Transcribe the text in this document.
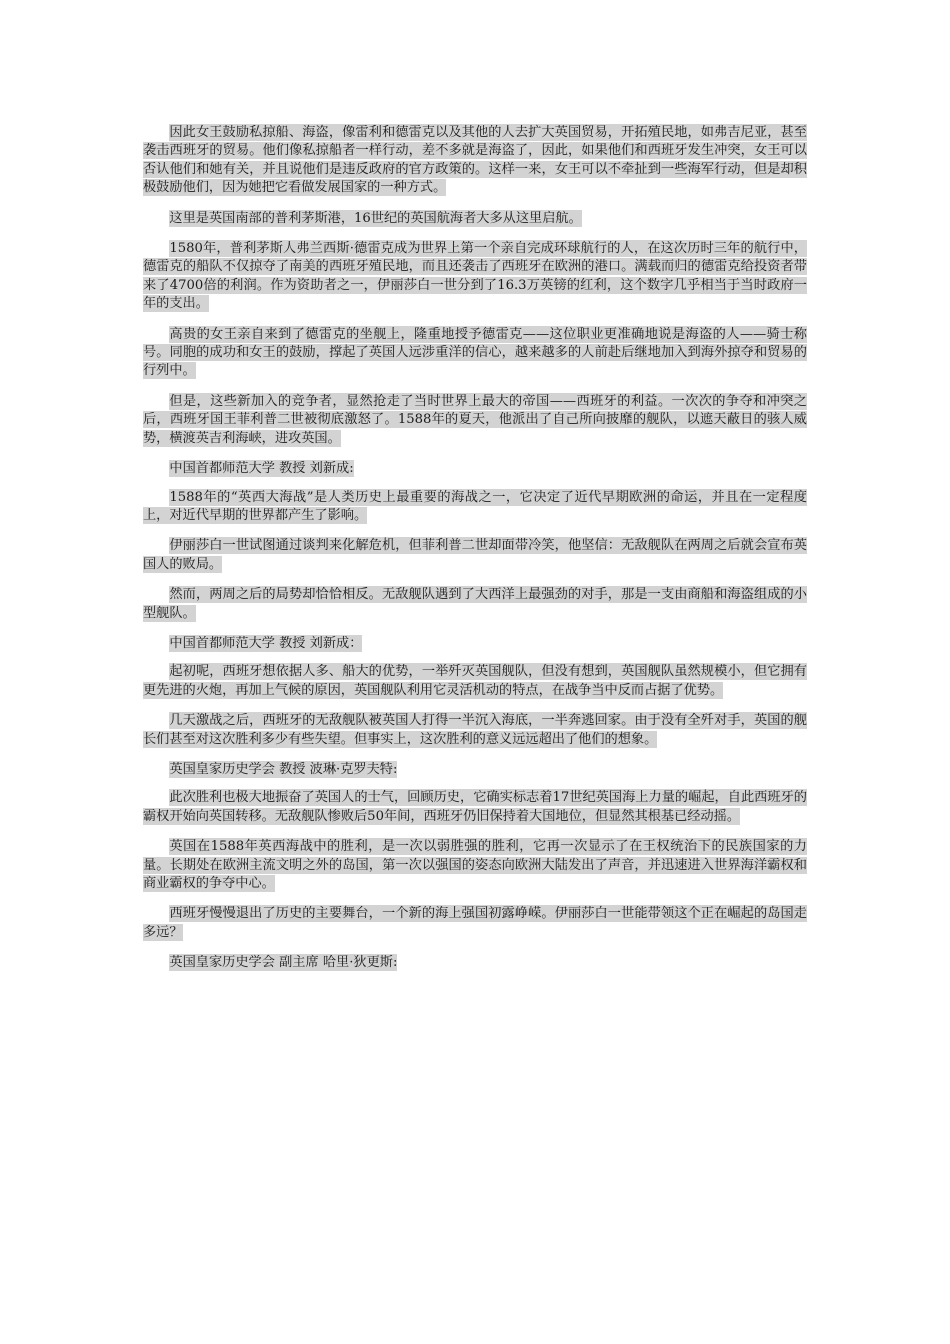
因此女王鼓励私掠船、海盗，像雷利和德雷克以及其他的人去扩大英国贸易，开拓殖民地，如弗吉尼亚，甚至袭击西班牙的贸易。他们像私掠船者一样行动，差不多就是海盗了，因此，如果他们和西班牙发生冲突，女王可以否认他们和她有关，并且说他们是违反政府的官方政策的。这样一来，女王可以不牵扯到一些海军行动，但是却积极鼓励他们，因为她把它看做发展国家的一种方式。

这里是英国南部的普利茅斯港，16世纪的英国航海者大多从这里启航。

1580年，普利茅斯人弗兰西斯·德雷克成为世界上第一个亲自完成环球航行的人，在这次历时三年的航行中，德雷克的船队不仅掠夺了南美的西班牙殖民地，而且还袭击了西班牙在欧洲的港口。满载而归的德雷克给投资者带来了4700倍的利润。作为资助者之一，伊丽莎白一世分到了16.3万英镑的红利，这个数字几乎相当于当时政府一年的支出。

高贵的女王亲自来到了德雷克的坐舰上，隆重地授予德雷克——这位职业更准确地说是海盗的人——骑士称号。同胞的成功和女王的鼓励，撑起了英国人远涉重洋的信心，越来越多的人前赴后继地加入到海外掠夺和贸易的行列中。

但是，这些新加入的竞争者，显然抢走了当时世界上最大的帝国——西班牙的利益。一次次的争夺和冲突之后，西班牙国王菲利普二世被彻底激怒了。1588年的夏天，他派出了自己所向披靡的舰队，以遮天蔽日的骇人威势，横渡英吉利海峡，进攻英国。

中国首都师范大学 教授 刘新成:

1588年的“英西大海战”是人类历史上最重要的海战之一，它决定了近代早期欧洲的命运，并且在一定程度上，对近代早期的世界都产生了影响。

伊丽莎白一世试图通过谈判来化解危机，但菲利普二世却面带冷笑，他坚信：无敌舰队在两周之后就会宣布英国人的败局。

然而，两周之后的局势却恰恰相反。无敌舰队遇到了大西洋上最强劲的对手，那是一支由商船和海盗组成的小型舰队。

中国首都师范大学 教授 刘新成：

起初呢，西班牙想依据人多、船大的优势，一举歼灭英国舰队，但没有想到，英国舰队虽然规模小，但它拥有更先进的火炮，再加上气候的原因，英国舰队利用它灵活机动的特点，在战争当中反而占据了优势。

几天激战之后，西班牙的无敌舰队被英国人打得一半沉入海底，一半奔逃回家。由于没有全歼对手，英国的舰长们甚至对这次胜利多少有些失望。但事实上，这次胜利的意义远远超出了他们的想象。

英国皇家历史学会 教授 波琳·克罗夫特:

此次胜利也极大地振奋了英国人的士气，回顾历史，它确实标志着17世纪英国海上力量的崛起，自此西班牙的霸权开始向英国转移。无敌舰队惨败后50年间，西班牙仍旧保持着大国地位，但显然其根基已经动摇。

英国在1588年英西海战中的胜利，是一次以弱胜强的胜利，它再一次显示了在王权统治下的民族国家的力量。长期处在欧洲主流文明之外的岛国，第一次以强国的姿态向欧洲大陆发出了声音，并迅速进入世界海洋霸权和商业霸权的争夺中心。

西班牙慢慢退出了历史的主要舞台，一个新的海上强国初露峥嵘。伊丽莎白一世能带领这个正在崛起的岛国走多远？

英国皇家历史学会 副主席 哈里·狄更斯:
